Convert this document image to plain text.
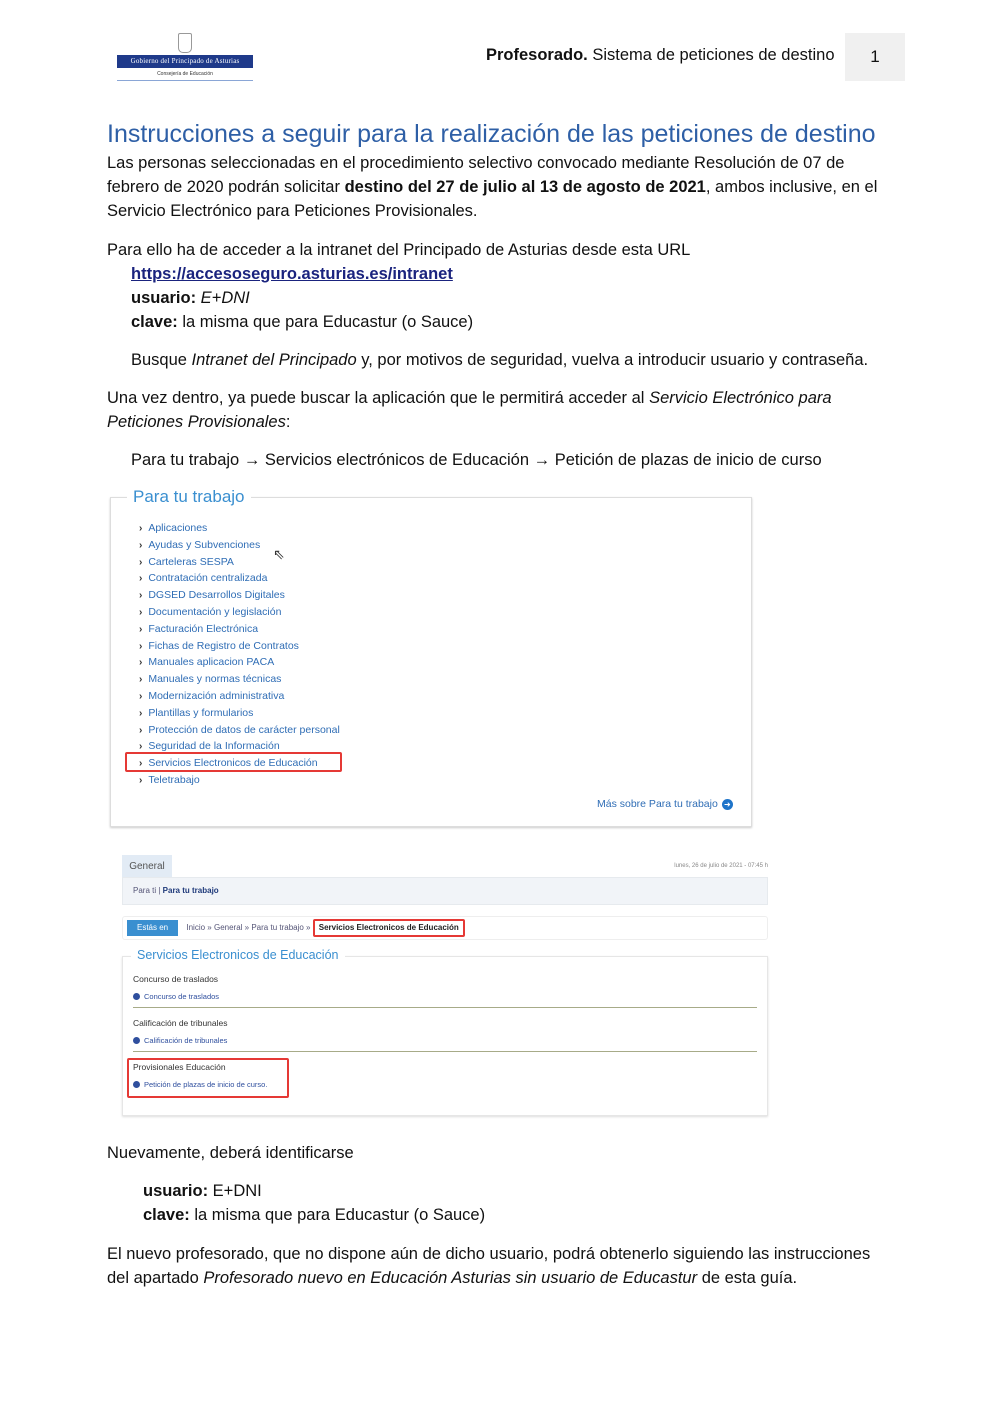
Gobierno del Principado de Asturias
Consejería de Educación
Profesorado. Sistema de peticiones de destino	1
Instrucciones a seguir para la realización de las peticiones de destino
Las personas seleccionadas en el procedimiento selectivo convocado mediante Resolución de 07 de
febrero de 2020 podrán solicitar destino del 27 de julio al 13 de agosto de 2021, ambos inclusive, en el
Servicio Electrónico para Peticiones Provisionales.
Para ello ha de acceder a la intranet del Principado de Asturias desde esta URL
https://accesoseguro.asturias.es/intranet
usuario: E+DNI
clave: la misma que para Educastur (o Sauce)
Busque Intranet del Principado y, por motivos de seguridad, vuelva a introducir usuario y contraseña.
Una vez dentro, ya puede buscar la aplicación que le permitirá acceder al Servicio Electrónico para
Peticiones Provisionales:
Para tu trabajo → Servicios electrónicos de Educación → Petición de plazas de inicio de curso
Para tu trabajo
› Aplicaciones
› Ayudas y Subvenciones
› Carteleras SESPA
› Contratación centralizada
› DGSED Desarrollos Digitales
› Documentación y legislación
› Facturación Electrónica
› Fichas de Registro de Contratos
› Manuales aplicacion PACA
› Manuales y normas técnicas
› Modernización administrativa
› Plantillas y formularios
› Protección de datos de carácter personal
› Seguridad de la Información
› Servicios Electronicos de Educación
› Teletrabajo
⇖
Más sobre Para tu trabajo ➜
General	lunes, 26 de julio de 2021 - 07:45 h
Para ti | Para tu trabajo
Estás en Inicio » General » Para tu trabajo » Servicios Electronicos de Educación
Servicios Electronicos de Educación
Concurso de traslados
Concurso de traslados
Calificación de tribunales
Calificación de tribunales
Provisionales Educación
Petición de plazas de inicio de curso.
Nuevamente, deberá identificarse
usuario: E+DNI
clave: la misma que para Educastur (o Sauce)
El nuevo profesorado, que no dispone aún de dicho usuario, podrá obtenerlo siguiendo las instrucciones
del apartado Profesorado nuevo en Educación Asturias sin usuario de Educastur de esta guía.
